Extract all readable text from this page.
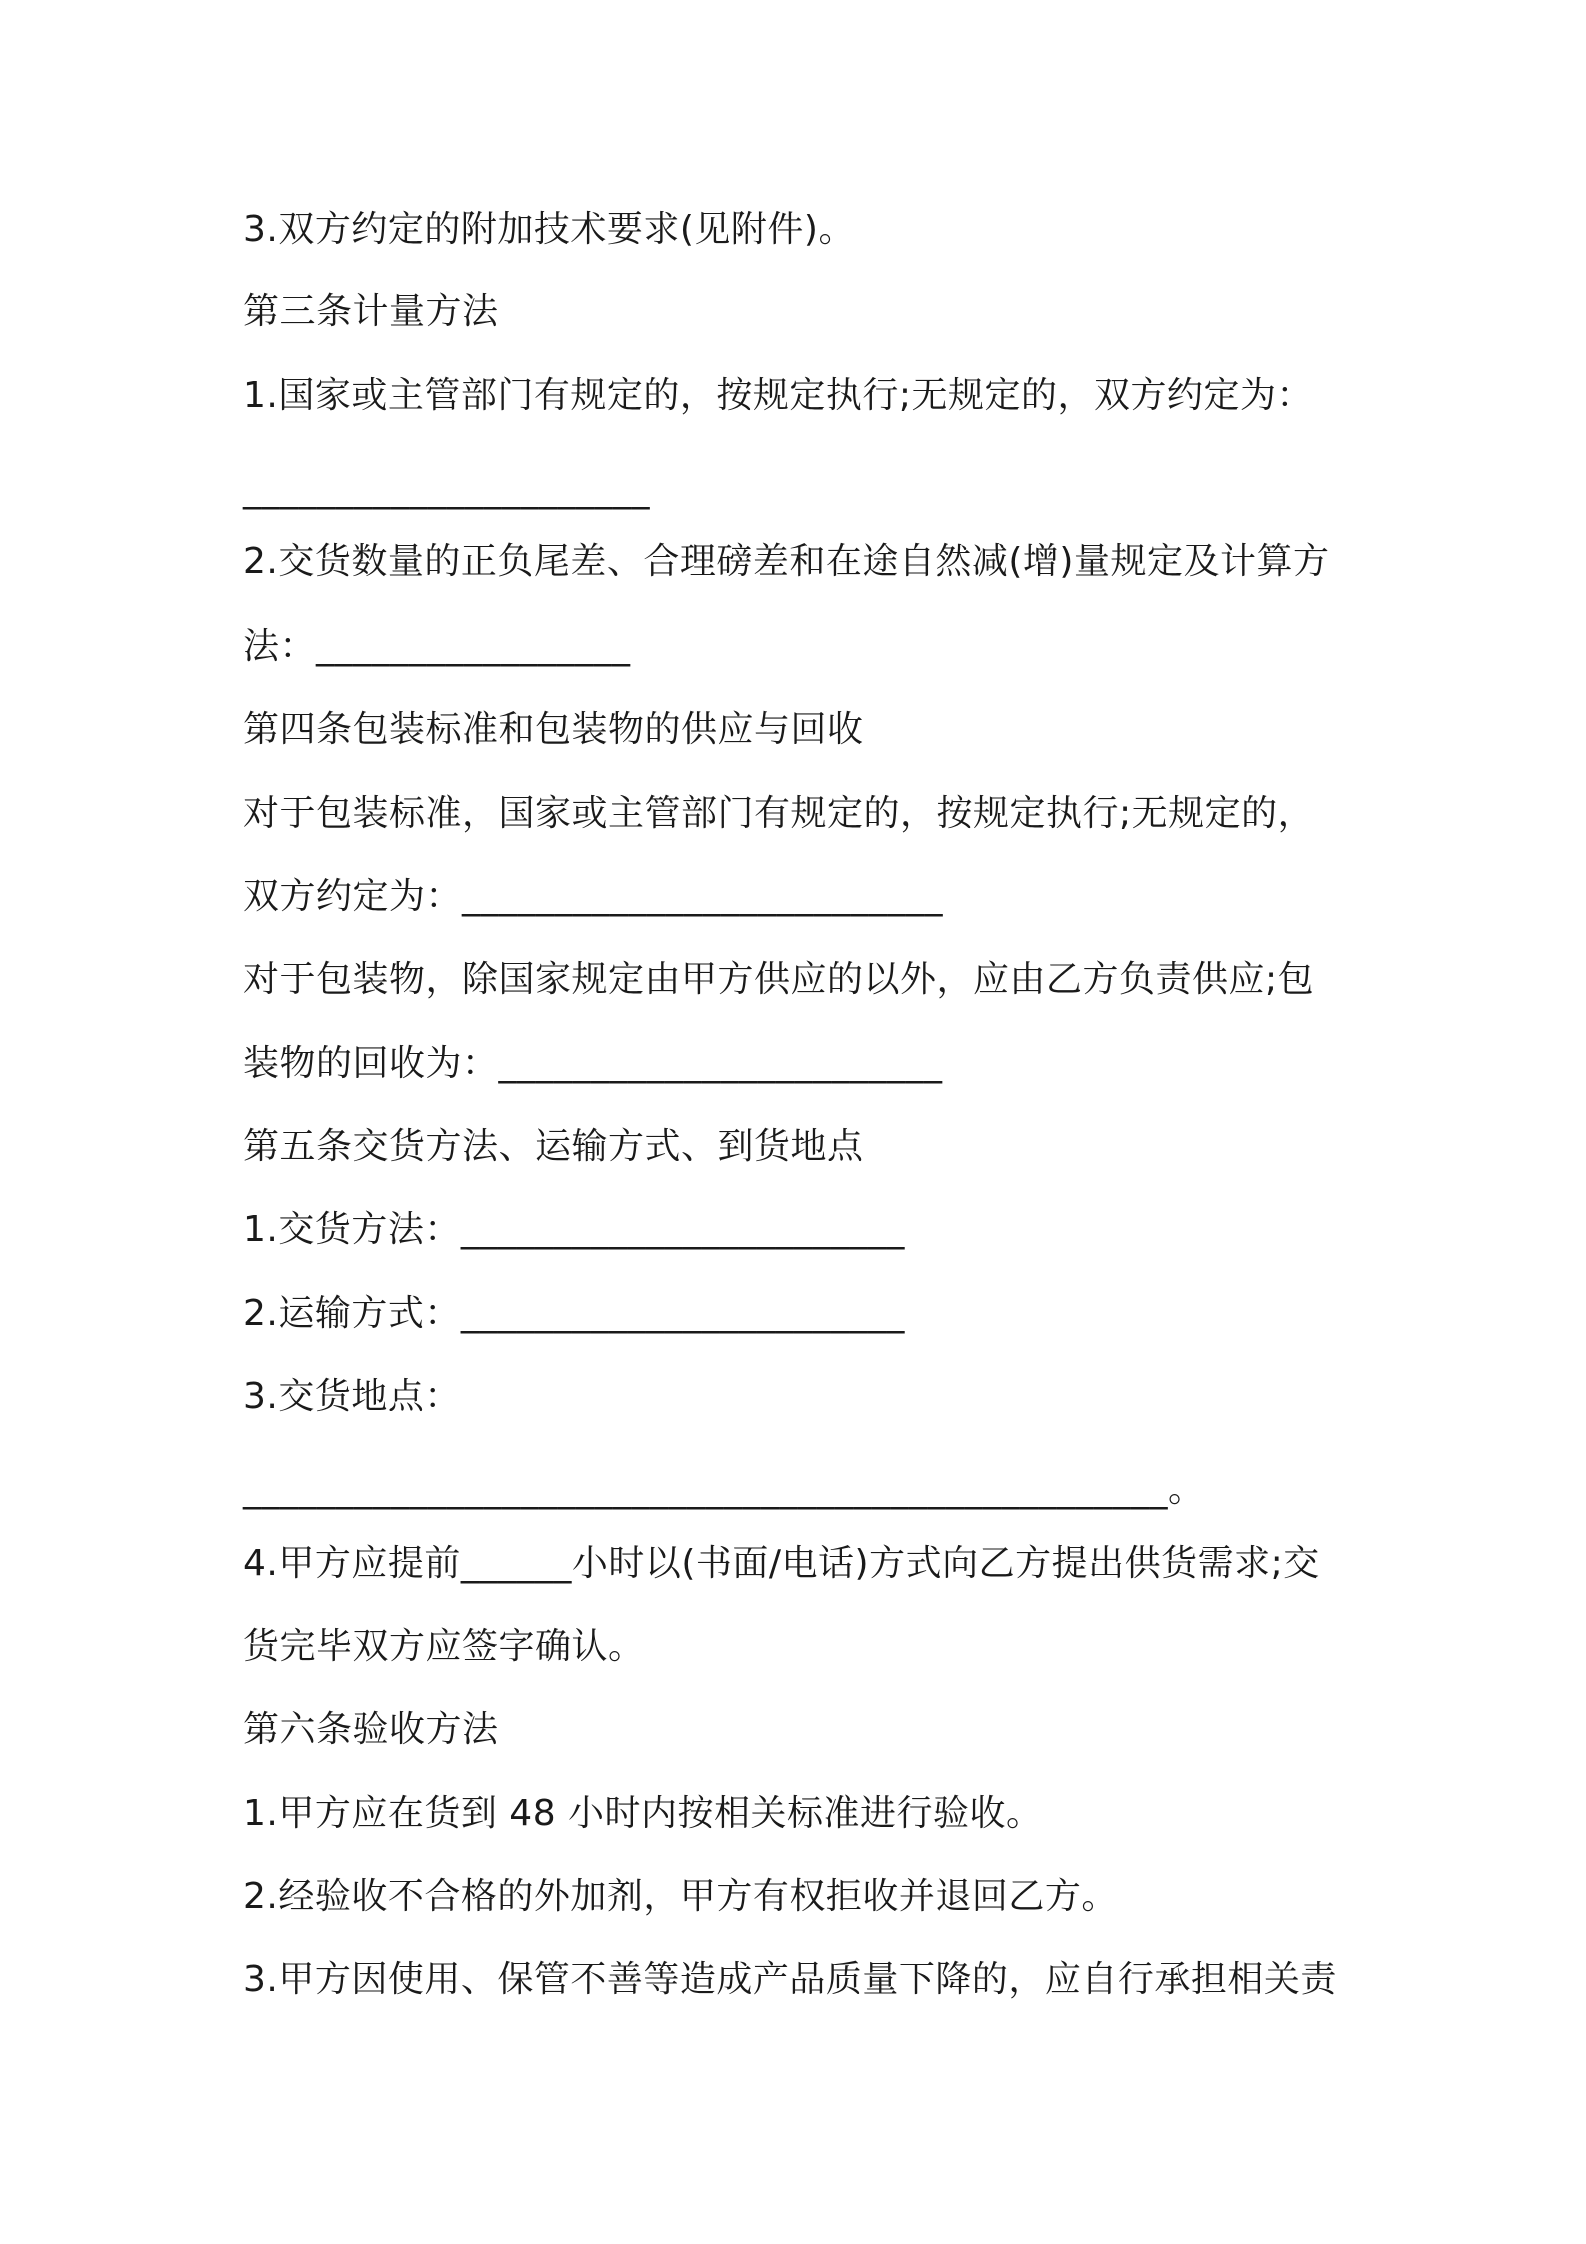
3.双方约定的附加技术要求(见附件)。
第三条计量方法
1.国家或主管部门有规定的，按规定执行;无规定的，双方约定为：
______________________
2.交货数量的正负尾差、合理磅差和在途自然减(增)量规定及计算方
法：_________________
第四条包装标准和包装物的供应与回收
对于包装标准，国家或主管部门有规定的，按规定执行;无规定的，
双方约定为：__________________________
对于包装物，除国家规定由甲方供应的以外，应由乙方负责供应;包
装物的回收为：________________________
第五条交货方法、运输方式、到货地点
1.交货方法：________________________
2.运输方式：________________________
3.交货地点：
__________________________________________________。
4.甲方应提前______小时以(书面/电话)方式向乙方提出供货需求;交
货完毕双方应签字确认。
第六条验收方法
1.甲方应在货到 48 小时内按相关标准进行验收。
2.经验收不合格的外加剂，甲方有权拒收并退回乙方。
3.甲方因使用、保管不善等造成产品质量下降的，应自行承担相关责
